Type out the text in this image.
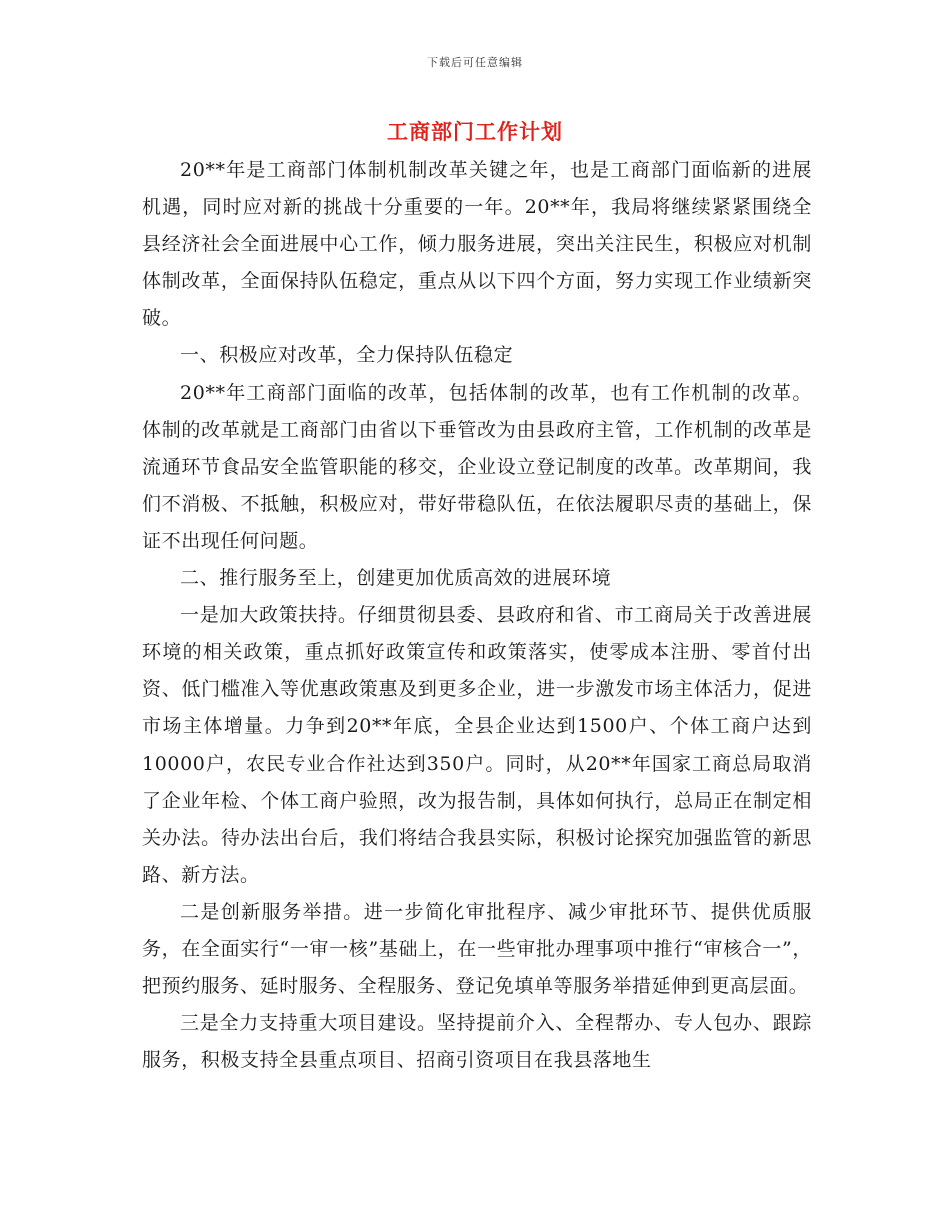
下载后可任意编辑
工商部门工作计划

20**年是工商部门体制机制改革关键之年，也是工商部门面临新的进展机遇，同时应对新的挑战十分重要的一年。20**年，我局将继续紧紧围绕全县经济社会全面进展中心工作，倾力服务进展，突出关注民生，积极应对机制体制改革，全面保持队伍稳定，重点从以下四个方面，努力实现工作业绩新突破。

一、积极应对改革，全力保持队伍稳定

20**年工商部门面临的改革，包括体制的改革，也有工作机制的改革。体制的改革就是工商部门由省以下垂管改为由县政府主管，工作机制的改革是流通环节食品安全监管职能的移交，企业设立登记制度的改革。改革期间，我们不消极、不抵触，积极应对，带好带稳队伍，在依法履职尽责的基础上，保证不出现任何问题。

二、推行服务至上，创建更加优质高效的进展环境

一是加大政策扶持。仔细贯彻县委、县政府和省、市工商局关于改善进展环境的相关政策，重点抓好政策宣传和政策落实，使零成本注册、零首付出资、低门槛准入等优惠政策惠及到更多企业，进一步激发市场主体活力，促进市场主体增量。力争到20**年底，全县企业达到1500户、个体工商户达到10000户，农民专业合作社达到350户。同时，从20**年国家工商总局取消了企业年检、个体工商户验照，改为报告制，具体如何执行，总局正在制定相关办法。待办法出台后，我们将结合我县实际，积极讨论探究加强监管的新思路、新方法。

二是创新服务举措。进一步简化审批程序、减少审批环节、提供优质服务，在全面实行“一审一核”基础上，在一些审批办理事项中推行“审核合一”，把预约服务、延时服务、全程服务、登记免填单等服务举措延伸到更高层面。

三是全力支持重大项目建设。坚持提前介入、全程帮办、专人包办、跟踪服务，积极支持全县重点项目、招商引资项目在我县落地生
